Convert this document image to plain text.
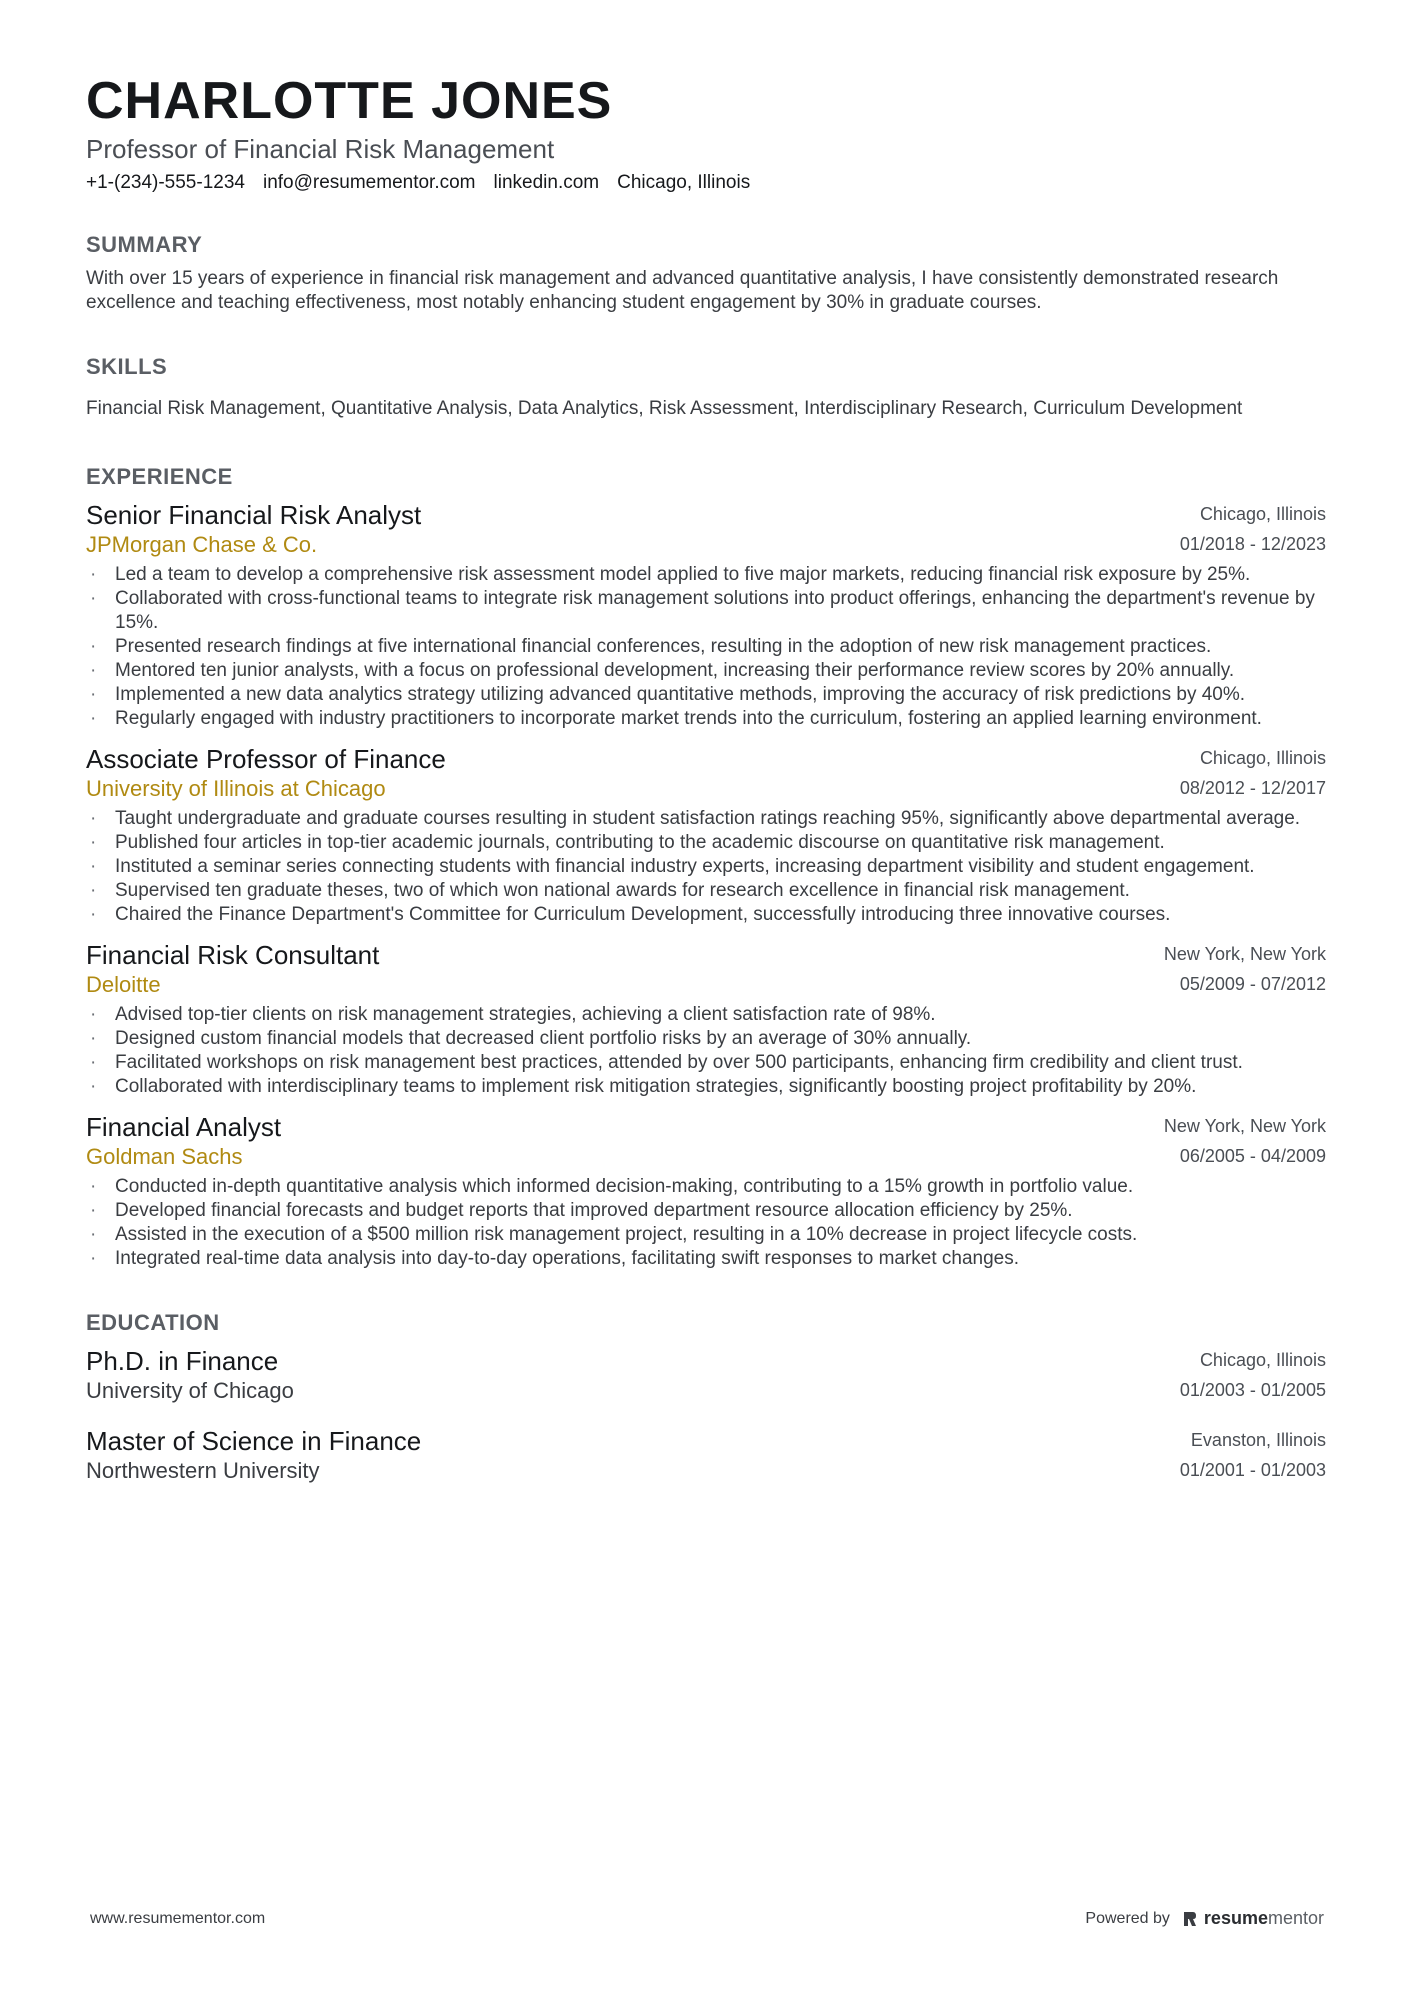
CHARLOTTE JONES
Professor of Financial Risk Management
+1-(234)-555-1234 info@resumementor.com linkedin.com Chicago, Illinois
SUMMARY
With over 15 years of experience in financial risk management and advanced quantitative analysis, I have consistently demonstrated research excellence and teaching effectiveness, most notably enhancing student engagement by 30% in graduate courses.
SKILLS
Financial Risk Management, Quantitative Analysis, Data Analytics, Risk Assessment, Interdisciplinary Research, Curriculum Development
EXPERIENCE
Senior Financial Risk Analyst
JPMorgan Chase & Co.
Chicago, Illinois
01/2018 - 12/2023
· Led a team to develop a comprehensive risk assessment model applied to five major markets, reducing financial risk exposure by 25%.
· Collaborated with cross-functional teams to integrate risk management solutions into product offerings, enhancing the department's revenue by 15%.
· Presented research findings at five international financial conferences, resulting in the adoption of new risk management practices.
· Mentored ten junior analysts, with a focus on professional development, increasing their performance review scores by 20% annually.
· Implemented a new data analytics strategy utilizing advanced quantitative methods, improving the accuracy of risk predictions by 40%.
· Regularly engaged with industry practitioners to incorporate market trends into the curriculum, fostering an applied learning environment.
Associate Professor of Finance
University of Illinois at Chicago
Chicago, Illinois
08/2012 - 12/2017
· Taught undergraduate and graduate courses resulting in student satisfaction ratings reaching 95%, significantly above departmental average.
· Published four articles in top-tier academic journals, contributing to the academic discourse on quantitative risk management.
· Instituted a seminar series connecting students with financial industry experts, increasing department visibility and student engagement.
· Supervised ten graduate theses, two of which won national awards for research excellence in financial risk management.
· Chaired the Finance Department's Committee for Curriculum Development, successfully introducing three innovative courses.
Financial Risk Consultant
Deloitte
New York, New York
05/2009 - 07/2012
· Advised top-tier clients on risk management strategies, achieving a client satisfaction rate of 98%.
· Designed custom financial models that decreased client portfolio risks by an average of 30% annually.
· Facilitated workshops on risk management best practices, attended by over 500 participants, enhancing firm credibility and client trust.
· Collaborated with interdisciplinary teams to implement risk mitigation strategies, significantly boosting project profitability by 20%.
Financial Analyst
Goldman Sachs
New York, New York
06/2005 - 04/2009
· Conducted in-depth quantitative analysis which informed decision-making, contributing to a 15% growth in portfolio value.
· Developed financial forecasts and budget reports that improved department resource allocation efficiency by 25%.
· Assisted in the execution of a $500 million risk management project, resulting in a 10% decrease in project lifecycle costs.
· Integrated real-time data analysis into day-to-day operations, facilitating swift responses to market changes.
EDUCATION
Ph.D. in Finance
University of Chicago
Chicago, Illinois
01/2003 - 01/2005
Master of Science in Finance
Northwestern University
Evanston, Illinois
01/2001 - 01/2003
www.resumementor.com	Powered by resumementor
